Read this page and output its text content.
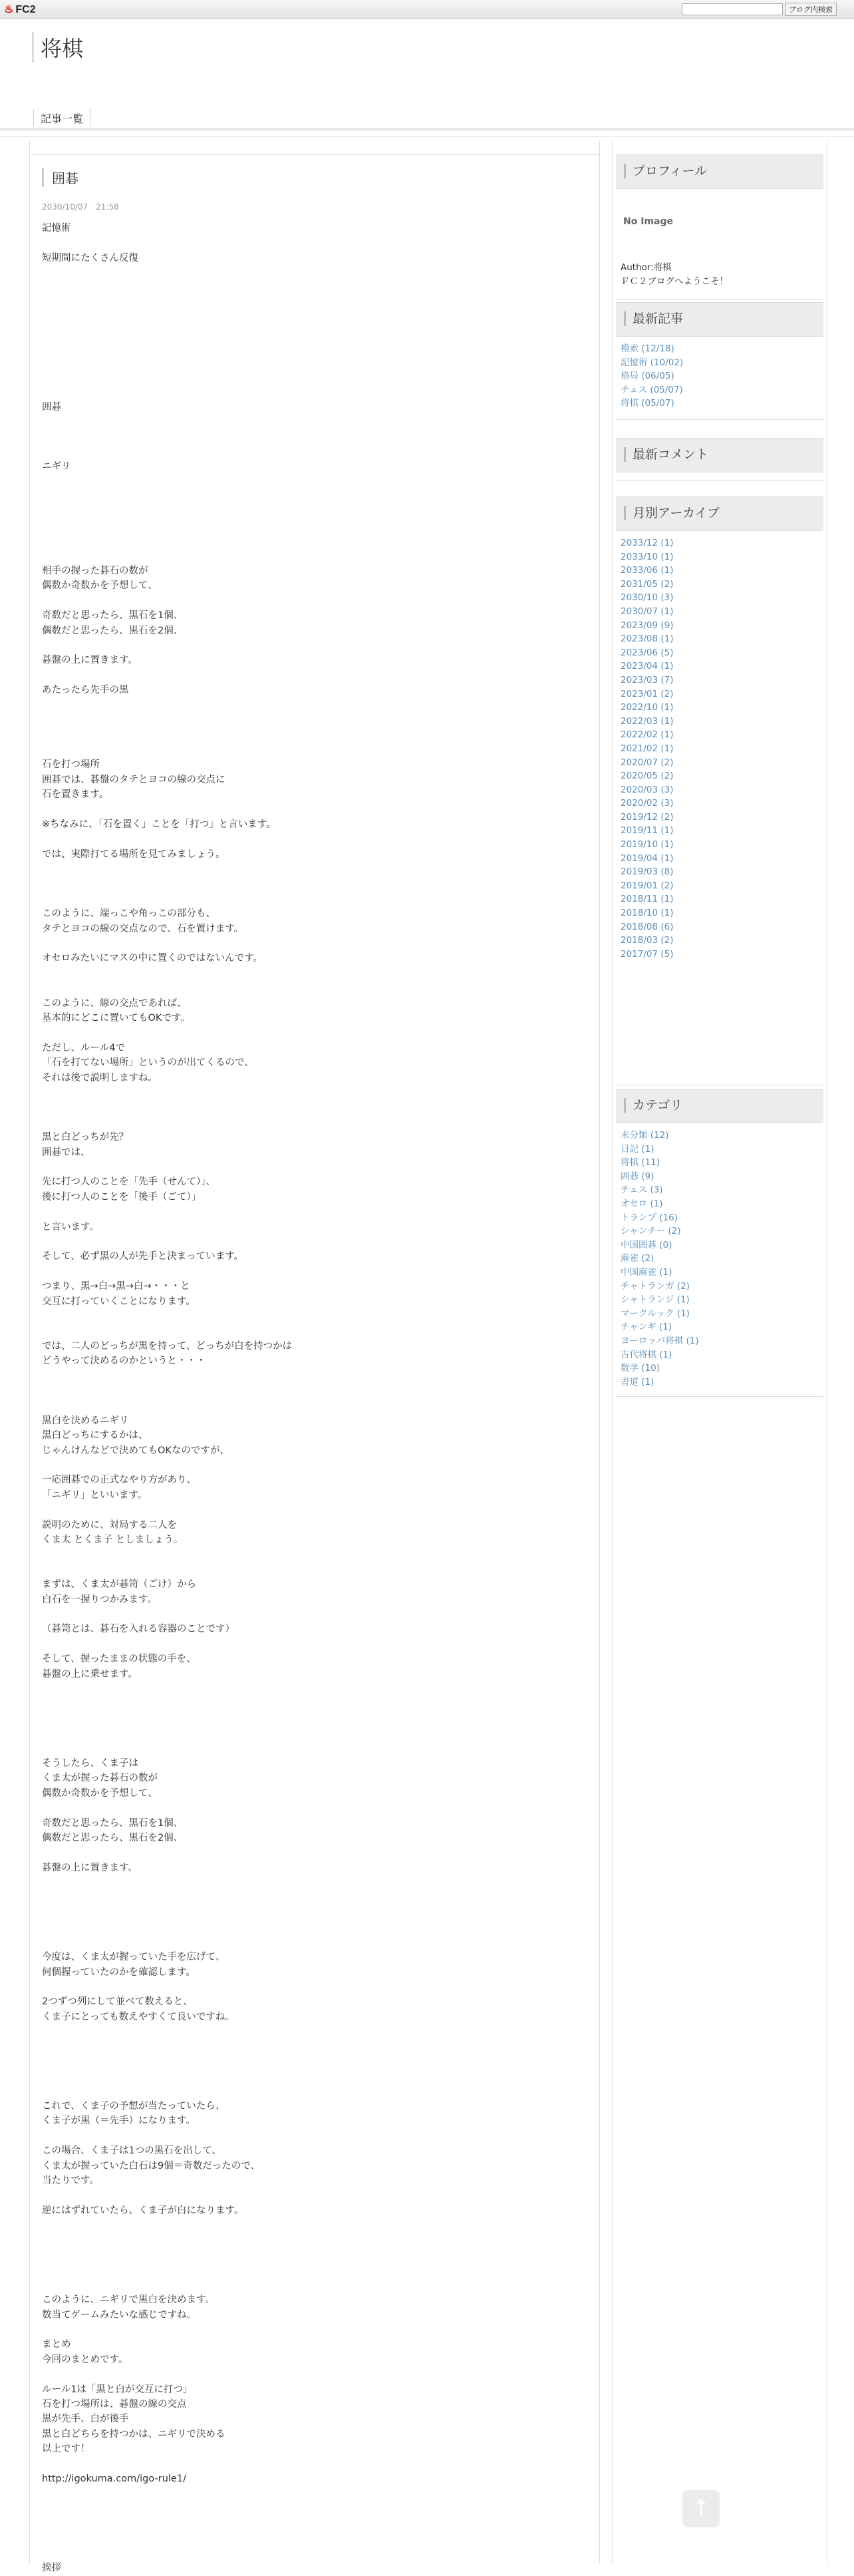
♨ FC2	ブログ内検索
将棋
記事一覧
囲碁
2030/10/07　21:58
記憶術
短期間にたくさん反復
囲碁
ニギリ
相手の握った碁石の数が
偶数か奇数かを予想して、
奇数だと思ったら、黒石を1個、
偶数だと思ったら、黒石を2個、
碁盤の上に置きます。
あたったら先手の黒
石を打つ場所
囲碁では、碁盤のタテとヨコの線の交点に
石を置きます。
※ちなみに、「石を置く」ことを「打つ」と言います。
では、実際打てる場所を見てみましょう。
このように、端っこや角っこの部分も、
タテとヨコの線の交点なので、石を置けます。
オセロみたいにマスの中に置くのではないんです。
このように、線の交点であれば、
基本的にどこに置いてもOKです。
ただし、ルール4で
「石を打てない場所」というのが出てくるので、
それは後で説明しますね。
黒と白どっちが先？
囲碁では、
先に打つ人のことを「先手（せんて）」、
後に打つ人のことを「後手（ごて）」
と言います。
そして、必ず黒の人が先手と決まっています。
つまり、黒→白→黒→白→・・・と
交互に打っていくことになります。
では、二人のどっちが黒を持って、どっちが白を持つかは
どうやって決めるのかというと・・・
黒白を決めるニギリ
黒白どっちにするかは、
じゃんけんなどで決めてもOKなのですが、
一応囲碁での正式なやり方があり、
「ニギリ」といいます。
説明のために、対局する二人を
くま太 とくま子 としましょう。
まずは、くま太が碁笥（ごけ）から
白石を一握りつかみます。
（碁笥とは、碁石を入れる容器のことです）
そして、握ったままの状態の手を、
碁盤の上に乗せます。
そうしたら、くま子は
くま太が握った碁石の数が
偶数か奇数かを予想して、
奇数だと思ったら、黒石を1個、
偶数だと思ったら、黒石を2個、
碁盤の上に置きます。
今度は、くま太が握っていた手を広げて、
何個握っていたのかを確認します。
2つずつ列にして並べて数えると、
くま子にとっても数えやすくて良いですね。
これで、くま子の予想が当たっていたら、
くま子が黒（＝先手）になります。
この場合、くま子は1つの黒石を出して、
くま太が握っていた白石は9個＝奇数だったので、
当たりです。
逆にはずれていたら、くま子が白になります。
このように、ニギリで黒白を決めます。
数当てゲームみたいな感じですね。
まとめ
今回のまとめです。
ルール1は「黒と白が交互に打つ」
石を打つ場所は、碁盤の線の交点
黒が先手、白が後手
黒と白どちらを持つかは、ニギリで決める
以上です！
http://igokuma.com/igo-rule1/
挨拶
プロフィール
No Image
Author:将棋
ＦＣ２ブログへようこそ！
最新記事
模索 (12/18)
記憶術 (10/02)
格局 (06/05)
チェス (05/07)
将棋 (05/07)
最新コメント
月別アーカイブ
2033/12 (1)
2033/10 (1)
2033/06 (1)
2031/05 (2)
2030/10 (3)
2030/07 (1)
2023/09 (9)
2023/08 (1)
2023/06 (5)
2023/04 (1)
2023/03 (7)
2023/01 (2)
2022/10 (1)
2022/03 (1)
2022/02 (1)
2021/02 (1)
2020/07 (2)
2020/05 (2)
2020/03 (3)
2020/02 (3)
2019/12 (2)
2019/11 (1)
2019/10 (1)
2019/04 (1)
2019/03 (8)
2019/01 (2)
2018/11 (1)
2018/10 (1)
2018/08 (6)
2018/03 (2)
2017/07 (5)
カテゴリ
未分類 (12)
日記 (1)
将棋 (11)
囲碁 (9)
チェス (3)
オセロ (1)
トランプ (16)
シャンチー (2)
中国囲碁 (0)
麻雀 (2)
中国麻雀 (1)
チャトランガ (2)
シャトランジ (1)
マークルック (1)
チャンギ (1)
ヨーロッパ将棋 (1)
古代将棋 (1)
数学 (10)
書道 (1)
↑
